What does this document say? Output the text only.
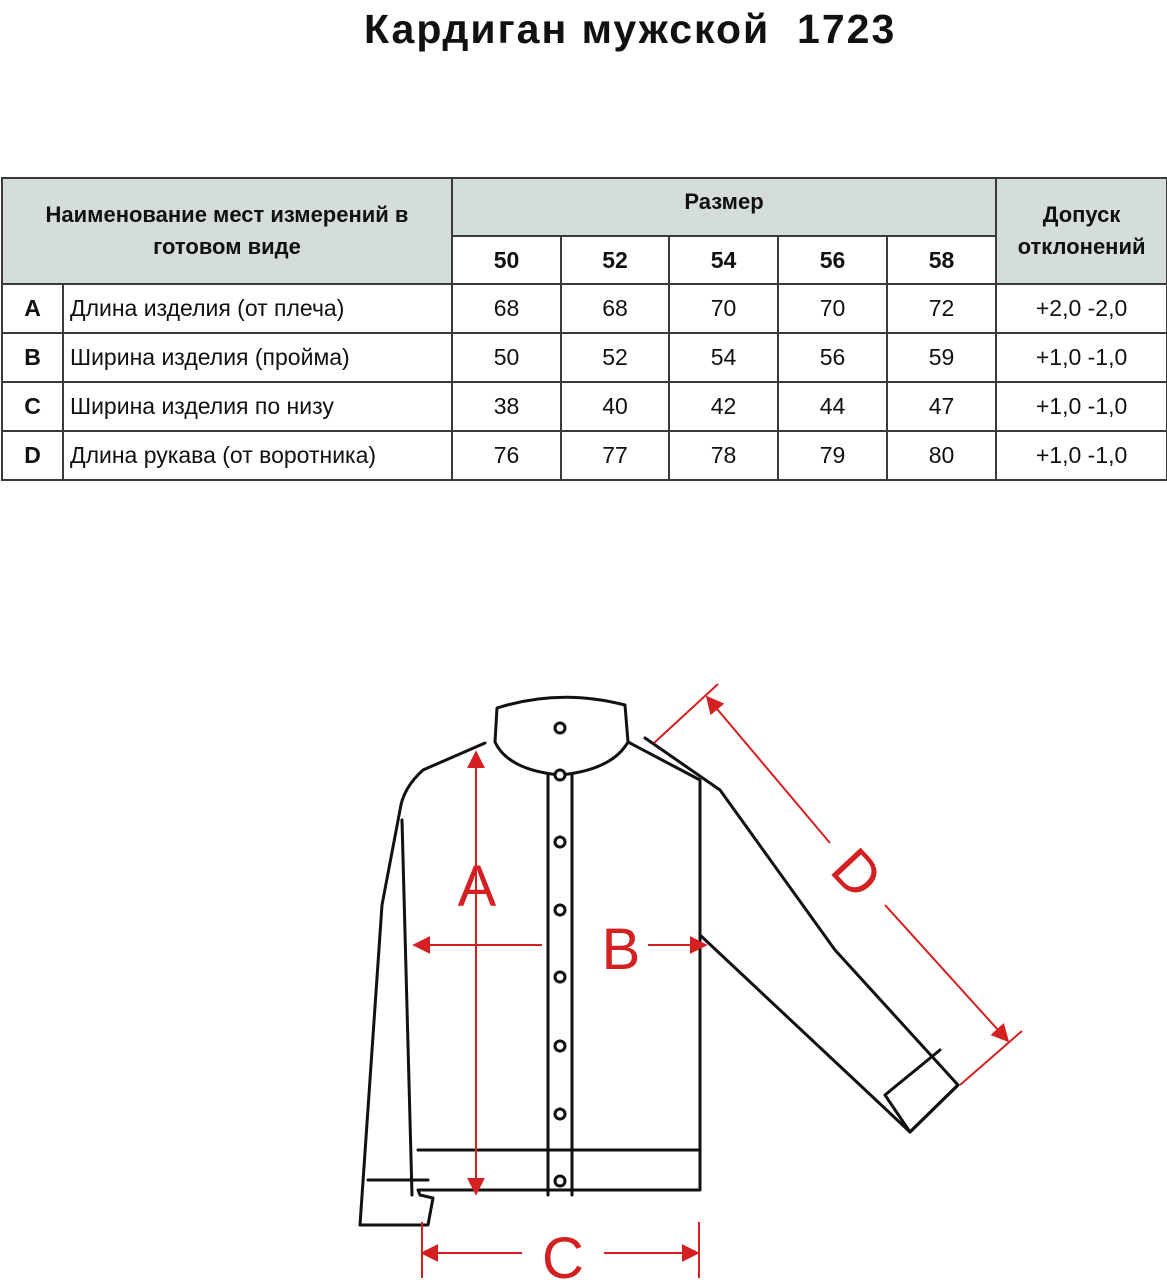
Кардиган мужской  1723
Наименование мест измерений в готовом виде		Размер					Допуск отклонений
		50	52	54	56	58	
A	Длина изделия (от плеча)	68	68	70	70	72	+2,0 -2,0
B	Ширина изделия (пройма)	50	52	54	56	59	+1,0 -1,0
C	Ширина изделия по низу	38	40	42	44	47	+1,0 -1,0
D	Длина рукава (от воротника)	76	77	78	79	80	+1,0 -1,0
A
B
C
D
